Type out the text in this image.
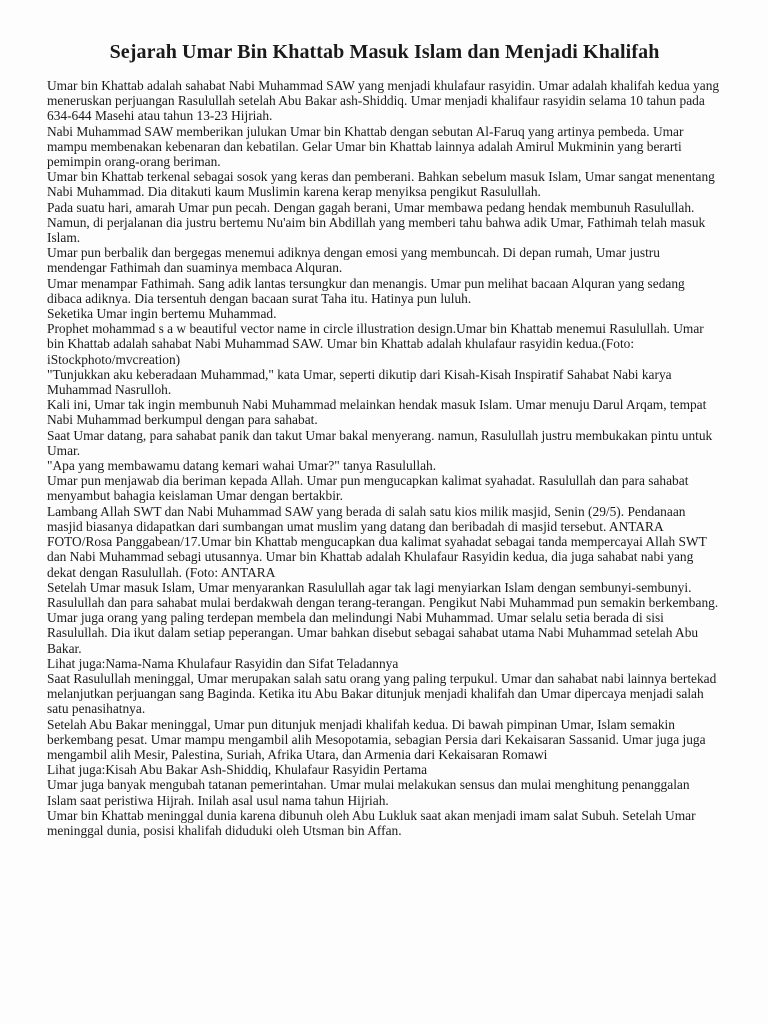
Sejarah Umar Bin Khattab Masuk Islam dan Menjadi Khalifah

Umar bin Khattab adalah sahabat Nabi Muhammad SAW yang menjadi khulafaur rasyidin. Umar adalah khalifah kedua yang meneruskan perjuangan Rasulullah setelah Abu Bakar ash-Shiddiq. Umar menjadi khalifaur rasyidin selama 10 tahun pada 634-644 Masehi atau tahun 13-23 Hijriah.

Nabi Muhammad SAW memberikan julukan Umar bin Khattab dengan sebutan Al-Faruq yang artinya pembeda. Umar mampu membenakan kebenaran dan kebatilan. Gelar Umar bin Khattab lainnya adalah Amirul Mukminin yang berarti pemimpin orang-orang beriman.

Umar bin Khattab terkenal sebagai sosok yang keras dan pemberani. Bahkan sebelum masuk Islam, Umar sangat menentang Nabi Muhammad. Dia ditakuti kaum Muslimin karena kerap menyiksa pengikut Rasulullah.

Pada suatu hari, amarah Umar pun pecah. Dengan gagah berani, Umar membawa pedang hendak membunuh Rasulullah. Namun, di perjalanan dia justru bertemu Nu'aim bin Abdillah yang memberi tahu bahwa adik Umar, Fathimah telah masuk Islam.

Umar pun berbalik dan bergegas menemui adiknya dengan emosi yang membuncah. Di depan rumah, Umar justru mendengar Fathimah dan suaminya membaca Alquran.

Umar menampar Fathimah. Sang adik lantas tersungkur dan menangis. Umar pun melihat bacaan Alquran yang sedang dibaca adiknya. Dia tersentuh dengan bacaan surat Taha itu. Hatinya pun luluh.

Seketika Umar ingin bertemu Muhammad.

Prophet mohammad s a w beautiful vector name in circle illustration design.Umar bin Khattab menemui Rasulullah. Umar bin Khattab adalah sahabat Nabi Muhammad SAW. Umar bin Khattab adalah khulafaur rasyidin kedua.(Foto: iStockphoto/mvcreation)

"Tunjukkan aku keberadaan Muhammad," kata Umar, seperti dikutip dari Kisah-Kisah Inspiratif Sahabat Nabi karya Muhammad Nasrulloh.

Kali ini, Umar tak ingin membunuh Nabi Muhammad melainkan hendak masuk Islam. Umar menuju Darul Arqam, tempat Nabi Muhammad berkumpul dengan para sahabat.

Saat Umar datang, para sahabat panik dan takut Umar bakal menyerang. namun, Rasulullah justru membukakan pintu untuk Umar.

"Apa yang membawamu datang kemari wahai Umar?" tanya Rasulullah.

Umar pun menjawab dia beriman kepada Allah. Umar pun mengucapkan kalimat syahadat. Rasulullah dan para sahabat menyambut bahagia keislaman Umar dengan bertakbir.

Lambang Allah SWT dan Nabi Muhammad SAW yang berada di salah satu kios milik masjid, Senin (29/5). Pendanaan masjid biasanya didapatkan dari sumbangan umat muslim yang datang dan beribadah di masjid tersebut. ANTARA FOTO/Rosa Panggabean/17.Umar bin Khattab mengucapkan dua kalimat syahadat sebagai tanda mempercayai Allah SWT dan Nabi Muhammad sebagi utusannya. Umar bin Khattab adalah Khulafaur Rasyidin kedua, dia juga sahabat nabi yang dekat dengan Rasulullah. (Foto: ANTARA

Setelah Umar masuk Islam, Umar menyarankan Rasulullah agar tak lagi menyiarkan Islam dengan sembunyi-sembunyi. Rasulullah dan para sahabat mulai berdakwah dengan terang-terangan. Pengikut Nabi Muhammad pun semakin berkembang.

Umar juga orang yang paling terdepan membela dan melindungi Nabi Muhammad. Umar selalu setia berada di sisi Rasulullah. Dia ikut dalam setiap peperangan. Umar bahkan disebut sebagai sahabat utama Nabi Muhammad setelah Abu Bakar.

Lihat juga:Nama-Nama Khulafaur Rasyidin dan Sifat Teladannya

Saat Rasulullah meninggal, Umar merupakan salah satu orang yang paling terpukul. Umar dan sahabat nabi lainnya bertekad melanjutkan perjuangan sang Baginda. Ketika itu Abu Bakar ditunjuk menjadi khalifah dan Umar dipercaya menjadi salah satu penasihatnya.

Setelah Abu Bakar meninggal, Umar pun ditunjuk menjadi khalifah kedua. Di bawah pimpinan Umar, Islam semakin berkembang pesat. Umar mampu mengambil alih Mesopotamia, sebagian Persia dari Kekaisaran Sassanid. Umar juga juga mengambil alih Mesir, Palestina, Suriah, Afrika Utara, dan Armenia dari Kekaisaran Romawi

Lihat juga:Kisah Abu Bakar Ash-Shiddiq, Khulafaur Rasyidin Pertama

Umar juga banyak mengubah tatanan pemerintahan. Umar mulai melakukan sensus dan mulai menghitung penanggalan Islam saat peristiwa Hijrah. Inilah asal usul nama tahun Hijriah.

Umar bin Khattab meninggal dunia karena dibunuh oleh Abu Lukluk saat akan menjadi imam salat Subuh. Setelah Umar meninggal dunia, posisi khalifah diduduki oleh Utsman bin Affan.
